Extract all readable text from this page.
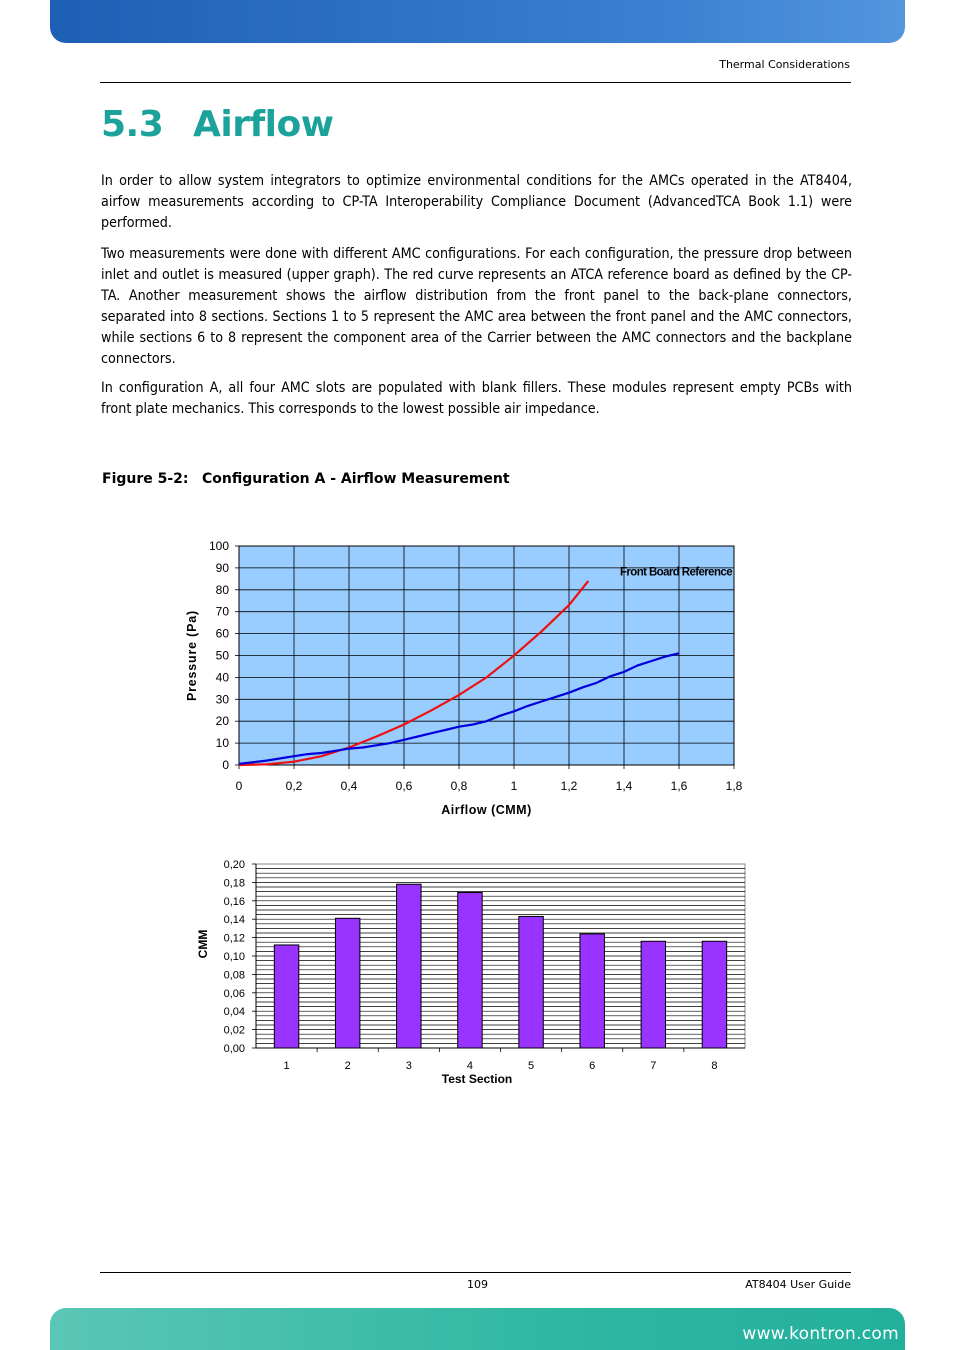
Thermal Considerations
5.3 Airflow
In order to allow system integrators to optimize environmental conditions for the AMCs operated in the AT8404, airfow measurements according to CP-TA Interoperability Compliance Document (AdvancedTCA Book 1.1) were performed.
Two measurements were done with different AMC configurations. For each configuration, the pressure drop between inlet and outlet is measured (upper graph). The red curve represents an ATCA reference board as defined by the CP-TA. Another measurement shows the airflow distribution from the front panel to the back-plane connectors, separated into 8 sections. Sections 1 to 5 represent the AMC area between the front panel and the AMC connectors, while sections 6 to 8 represent the component area of the Carrier between the AMC connectors and the backplane connectors.
In configuration A, all four AMC slots are populated with blank fillers. These modules represent empty PCBs with front plate mechanics. This corresponds to the lowest possible air impedance.
Figure 5-2: Configuration A - Airflow Measurement
0	0,2	0,4	0,6	0,8	1	1,2	1,4	1,6	1,8
0
10
20
30
40
50
60
70
80
90
100
Front Board Reference
Airflow (CMM)
Pressure (Pa)
0,00
0,02
0,04
0,06
0,08
0,10
0,12
0,14
0,16
0,18
0,20
1	2	3	4	5	6	7	8
Test Section
CMM
109	AT8404 User Guide
www.kontron.com
